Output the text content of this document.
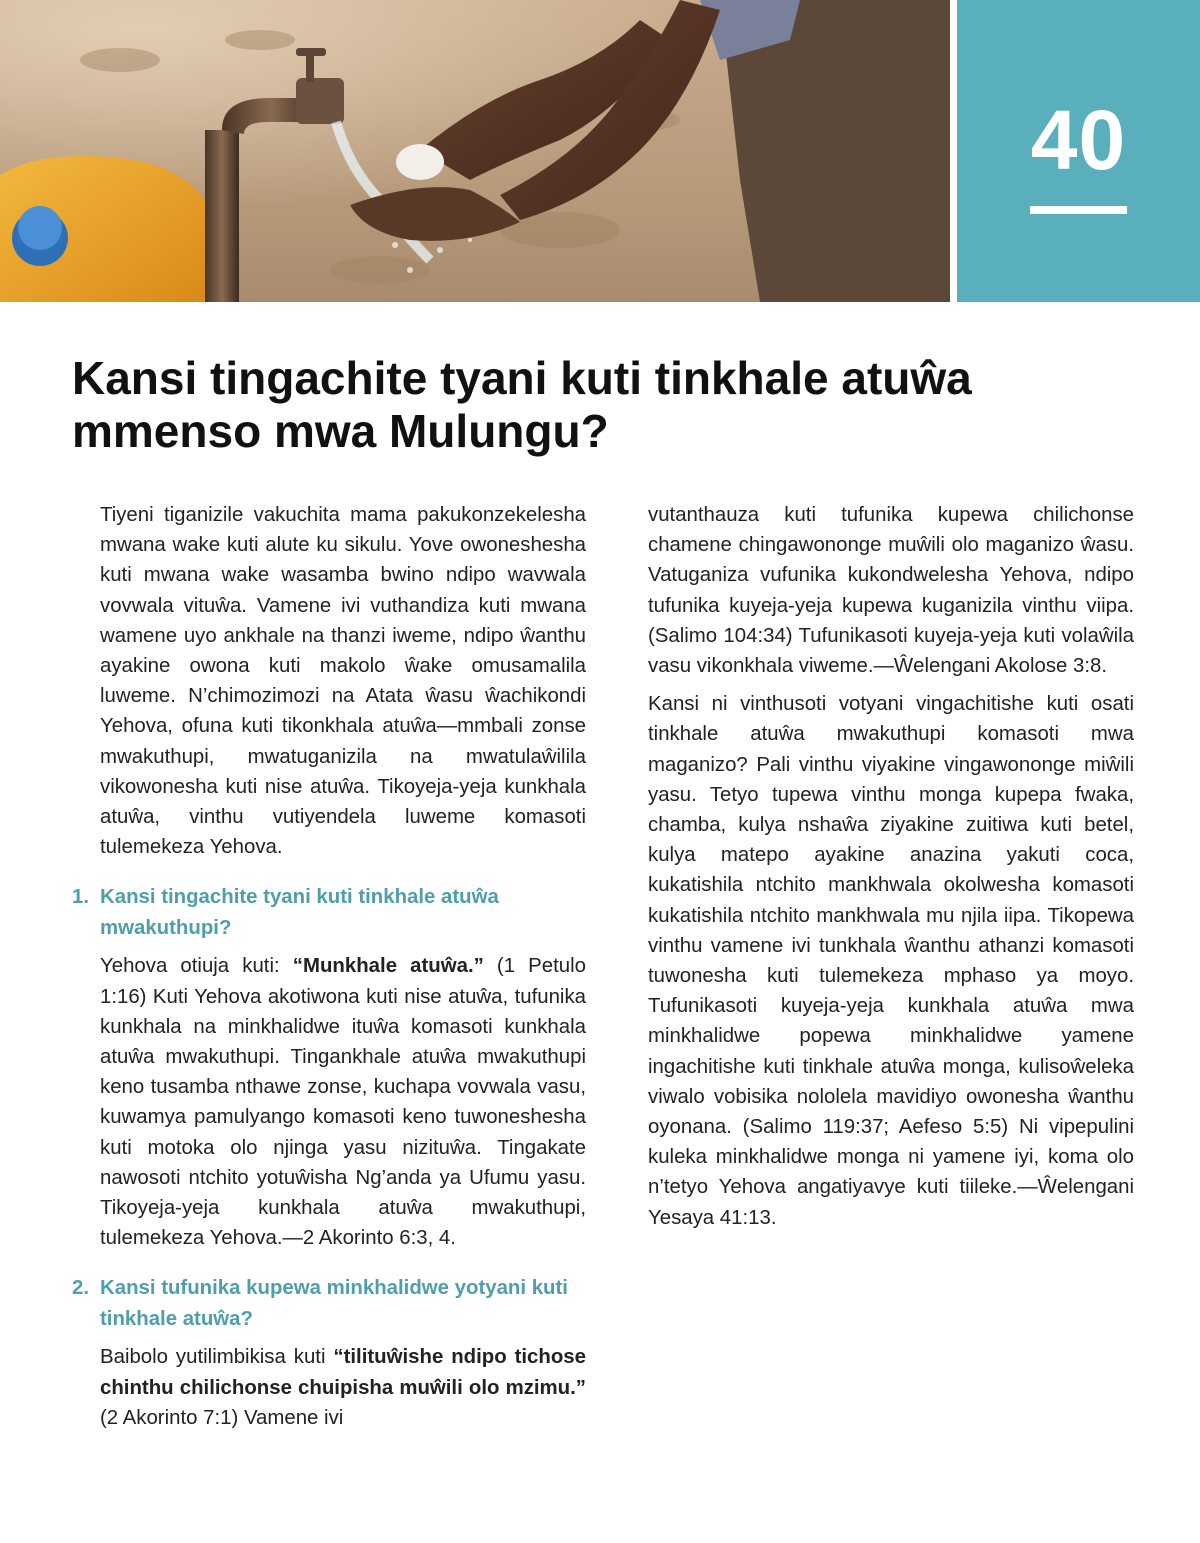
40
Kansi tingachite tyani kuti tinkhale atuŵa mmenso mwa Mulungu?

Tiyeni tiganizile vakuchita mama pakukonzekelesha mwana wake kuti alute ku sikulu. Yove owoneshesha kuti mwana wake wasamba bwino ndipo wavwala vovwala vituŵa. Vamene ivi vuthandiza kuti mwana wamene uyo ankhale na thanzi iweme, ndipo ŵanthu ayakine owona kuti makolo ŵake omusamalila luweme. N’chimozimozi na Atata ŵasu ŵachikondi Yehova, ofuna kuti tikonkhala atuŵa—mmbali zonse mwakuthupi, mwatuganizila na mwatulaŵilila vikowonesha kuti nise atuŵa. Tikoyeja-yeja kunkhala atuŵa, vinthu vutiyendela luweme komasoti tulemekeza Yehova.

1. Kansi tingachite tyani kuti tinkhale atuŵa mwakuthupi?

Yehova otiuja kuti: “Munkhale atuŵa.” (1 Petulo 1:16) Kuti Yehova akotiwona kuti nise atuŵa, tufunika kunkhala na minkhalidwe ituŵa komasoti kunkhala atuŵa mwakuthupi. Tingankhale atuŵa mwakuthupi keno tusamba nthawe zonse, kuchapa vovwala vasu, kuwamya pamulyango komasoti keno tuwoneshesha kuti motoka olo njinga yasu nizituŵa. Tingakate nawosoti ntchito yotuŵisha Ng’anda ya Ufumu yasu. Tikoyeja-yeja kunkhala atuŵa mwakuthupi, tulemekeza Yehova.—2 Akorinto 6:3, 4.

2. Kansi tufunika kupewa minkhalidwe yotyani kuti tinkhale atuŵa?

Baibolo yutilimbikisa kuti “tilituŵishe ndipo tichose chinthu chilichonse chuipisha muŵili olo mzimu.” (2 Akorinto 7:1) Vamene ivi

vutanthauza kuti tufunika kupewa chilichonse chamene chingawononge muŵili olo maganizo ŵasu. Vatuganiza vufunika kukondwelesha Yehova, ndipo tufunika kuyeja-yeja kupewa kuganizila vinthu viipa. (Salimo 104:34) Tufunikasoti kuyeja-yeja kuti volaŵila vasu vikonkhala viweme.—Ŵelengani Akolose 3:8.

Kansi ni vinthusoti votyani vingachitishe kuti osati tinkhale atuŵa mwakuthupi komasoti mwa maganizo? Pali vinthu viyakine vingawononge miŵili yasu. Tetyo tupewa vinthu monga kupepa fwaka, chamba, kulya nshaŵa ziyakine zuitiwa kuti betel, kulya matepo ayakine anazina yakuti coca, kukatishila ntchito mankhwala okolwesha komasoti kukatishila ntchito mankhwala mu njila iipa. Tikopewa vinthu vamene ivi tunkhala ŵanthu athanzi komasoti tuwonesha kuti tulemekeza mphaso ya moyo. Tufunikasoti kuyeja-yeja kunkhala atuŵa mwa minkhalidwe popewa minkhalidwe yamene ingachitishe kuti tinkhale atuŵa monga, kulisoŵeleka viwalo vobisika nololela mavidiyo owonesha ŵanthu oyonana. (Salimo 119:37; Aefeso 5:5) Ni vipepulini kuleka minkhalidwe monga ni yamene iyi, koma olo n’tetyo Yehova angatiyavye kuti tiileke.—Ŵelengani Yesaya 41:13.
